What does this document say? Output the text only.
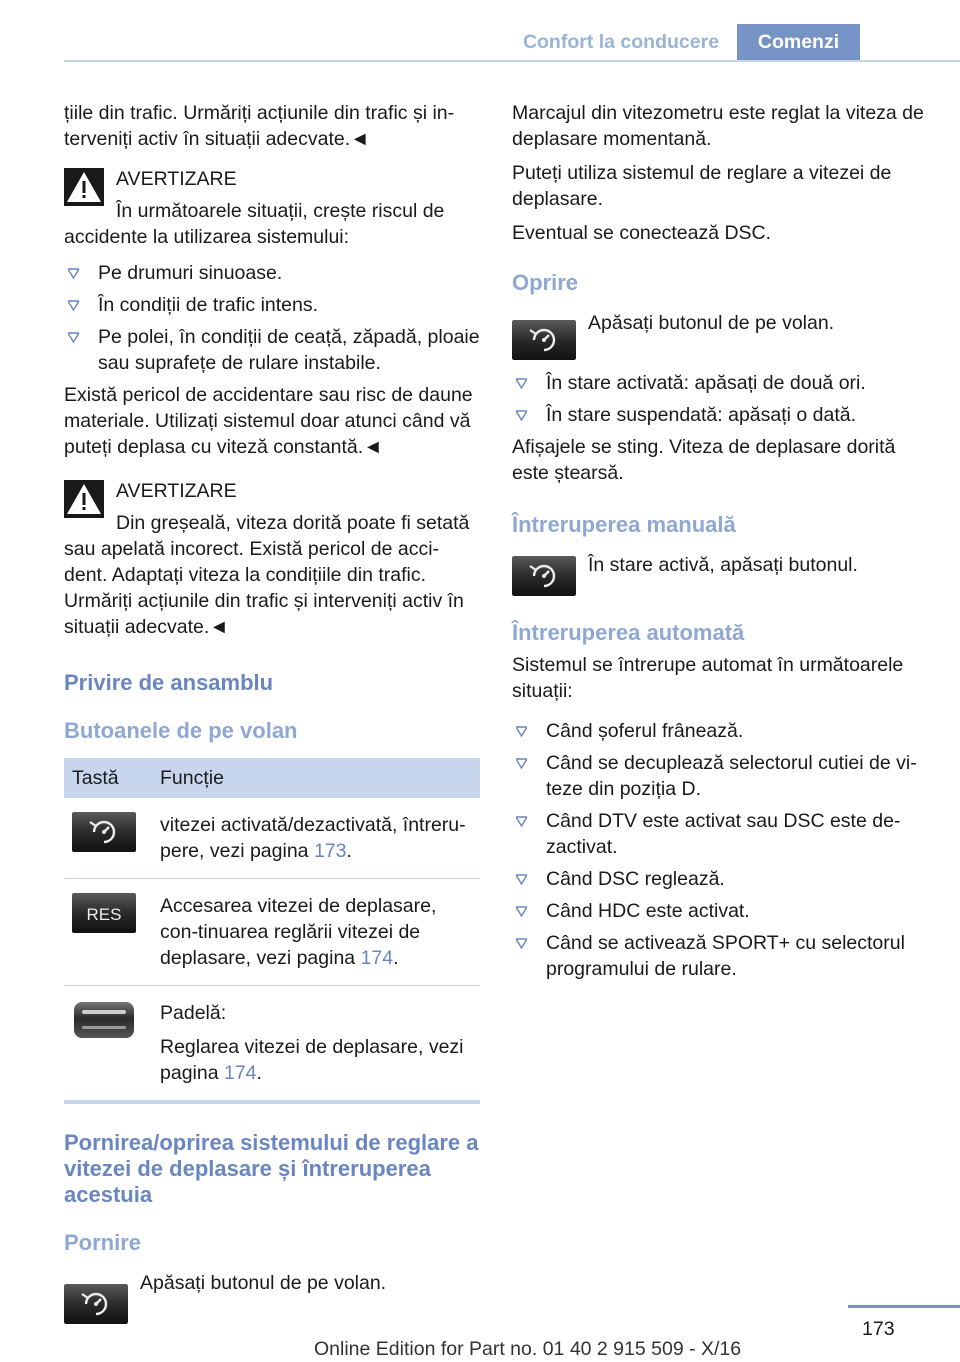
Confort la conducere	Comenzi

țiile din trafic. Urmăriți acțiunile din trafic și in-terveniți activ în situații adecvate.◄

AVERTIZARE
În următoarele situații, crește riscul de accidente la utilizarea sistemului:
Pe drumuri sinuoase.
În condiții de trafic intens.
Pe polei, în condiții de ceață, zăpadă, ploaie sau suprafețe de rulare instabile.

Există pericol de accidentare sau risc de daune materiale. Utilizați sistemul doar atunci când vă puteți deplasa cu viteză constantă.◄

AVERTIZARE
Din greșeală, viteza dorită poate fi setată sau apelată incorect. Există pericol de acci-dent. Adaptați viteza la condițiile din trafic. Urmăriți acțiunile din trafic și interveniți activ în situații adecvate.◄
Privire de ansamblu
Butoanele de pe volan
Tastă	Funcție
	vitezei activată/dezactivată, întreru-pere, vezi pagina 173.

RES	Accesarea vitezei de deplasare, con-tinuarea reglării vitezei de deplasare, vezi pagina 174.

Padelă:
Reglarea vitezei de deplasare, vezi pagina 174.
Pornirea/oprirea sistemului de reglare a vitezei de deplasare și întreruperea acestuia
Pornire
Apăsați butonul de pe volan.

Marcajul din vitezometru este reglat la viteza de deplasare momentană.

Puteți utiliza sistemul de reglare a vitezei de deplasare.

Eventual se conectează DSC.

Oprire
Apăsați butonul de pe volan.
În stare activată: apăsați de două ori.
În stare suspendată: apăsați o dată.

Afișajele se sting. Viteza de deplasare dorită este ștearsă.

Întreruperea manuală
În stare activă, apăsați butonul.
Întreruperea automată

Sistemul se întrerupe automat în următoarele situații:

Când șoferul frânează.
Când se decuplează selectorul cutiei de vi-teze din poziția D.
Când DTV este activat sau DSC este de-zactivat.
Când DSC reglează.
Când HDC este activat.
Când se activează SPORT+ cu selectorul programului de rulare.
173
Online Edition for Part no. 01 40 2 915 509 - X/16
